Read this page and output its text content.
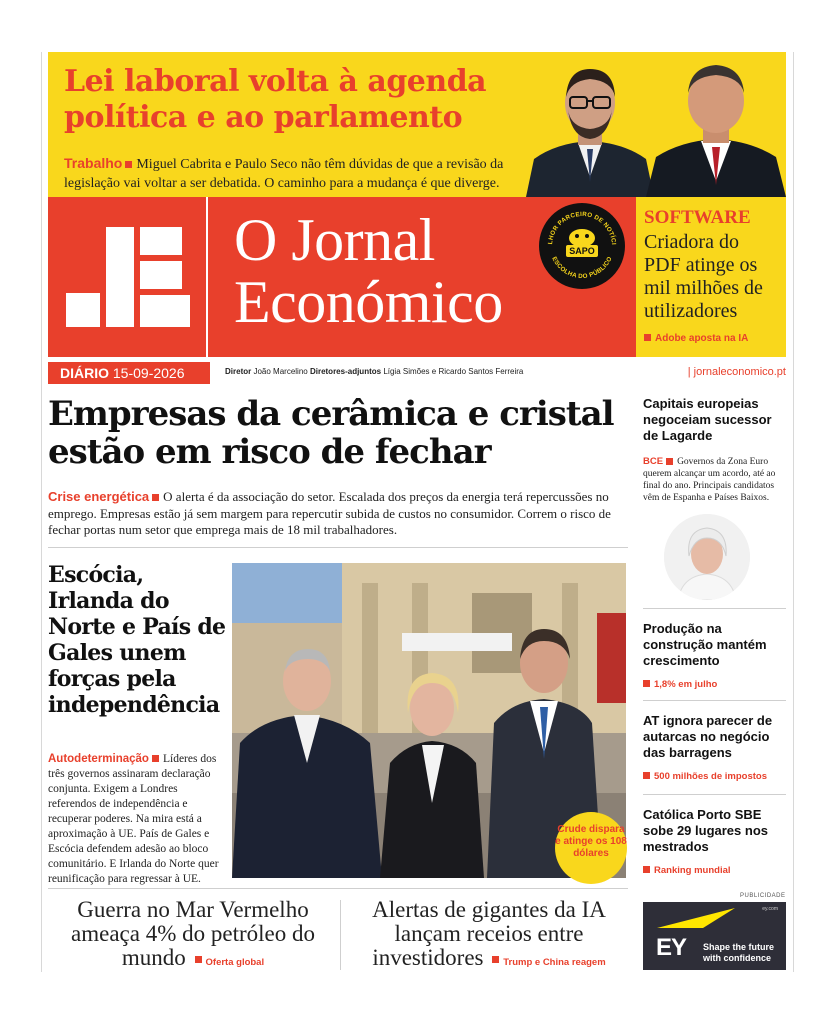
Lei laboral volta à agenda política e ao parlamento

Trabalho Miguel Cabrita e Paulo Seco não têm dúvidas de que a revisão da legislação vai voltar a ser debatida. O caminho para a mudança é que diverge.

O Jornal
Económico
LHOR PARCEIRO DE NOTÍCI
ESCOLHA DO PÚBLICO
SAPO
SOFTWARE
Criadora do PDF atinge os mil milhões de utilizadores
Adobe aposta na IA
DIÁRIO 15-09-2026	Diretor João Marcelino Diretores-adjuntos Lígia Simões e Ricardo Santos Ferreira	| jornaleconomico.pt
Empresas da cerâmica e cristal estão em risco de fechar

Crise energética O alerta é da associação do setor. Escalada dos preços da energia terá repercussões no emprego. Empresas estão já sem margem para repercutir subida de custos no consumidor. Correm o risco de fechar portas num setor que emprega mais de 18 mil trabalhadores.

Escócia, Irlanda do Norte e País de Gales unem forças pela independência

Autodeterminação Líderes dos três governos assinaram declaração conjunta. Exigem a Londres referendos de independência e recuperar poderes. Na mira está a aproximação à UE. País de Gales e Escócia defendem adesão ao bloco comunitário. E Irlanda do Norte quer reunificação para regressar à UE.

Crude dispara e atinge os 108 dólares
Capitais europeias negoceiam sucessor de Lagarde
BCE Governos da Zona Euro querem alcançar um acordo, até ao final do ano. Principais candidatos vêm de Espanha e Países Baixos.
Produção na construção mantém crescimento
1,8% em julho
AT ignora parecer de autarcas no negócio das barragens
500 milhões de impostos
Católica Porto SBE sobe 29 lugares nos mestrados
Ranking mundial
Guerra no Mar Vermelho ameaça 4% do petróleo do mundo Oferta global
Alertas de gigantes da IA lançam receios entre investidores Trump e China reagem
PUBLICIDADE
ey.com
EY Shape the future with confidence
